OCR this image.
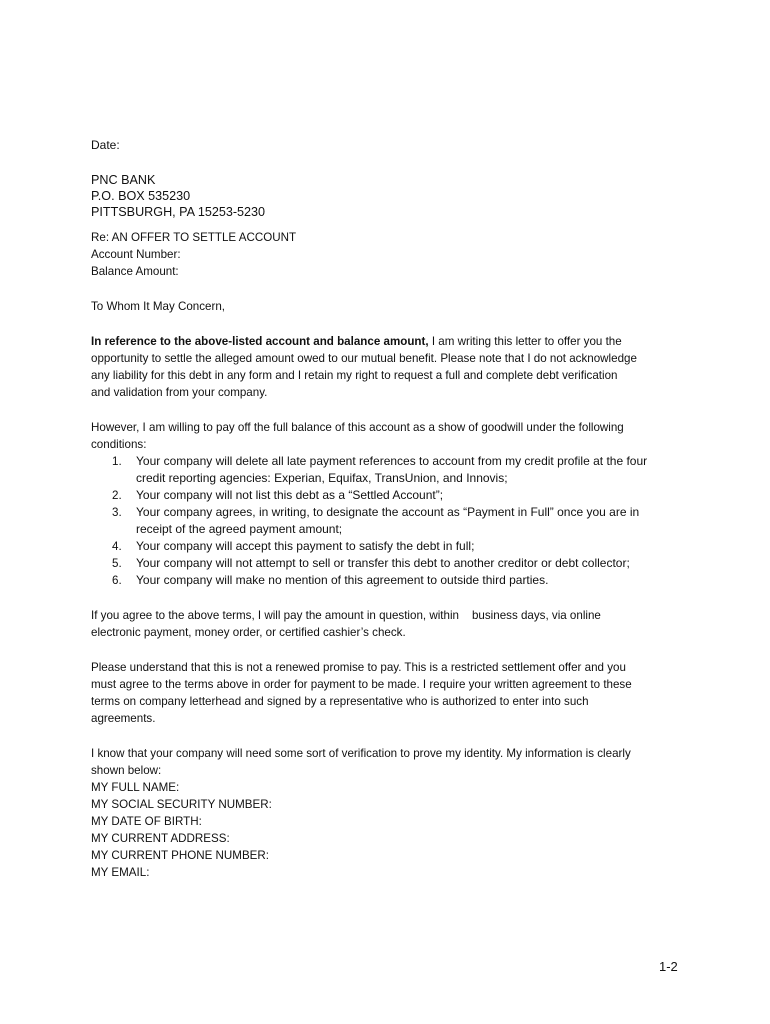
Date:
PNC BANK
P.O. BOX 535230
PITTSBURGH, PA 15253-5230
Re: AN OFFER TO SETTLE ACCOUNT
Account Number:
Balance Amount:
To Whom It May Concern,
In reference to the above-listed account and balance amount, I am writing this letter to offer you the
opportunity to settle the alleged amount owed to our mutual benefit. Please note that I do not acknowledge
any liability for this debt in any form and I retain my right to request a full and complete debt verification
and validation from your company.
However, I am willing to pay off the full balance of this account as a show of goodwill under the following
conditions:
1. Your company will delete all late payment references to account from my credit profile at the four
credit reporting agencies: Experian, Equifax, TransUnion, and Innovis;
2. Your company will not list this debt as a “Settled Account”;
3. Your company agrees, in writing, to designate the account as “Payment in Full” once you are in
receipt of the agreed payment amount;
4. Your company will accept this payment to satisfy the debt in full;
5. Your company will not attempt to sell or transfer this debt to another creditor or debt collector;
6. Your company will make no mention of this agreement to outside third parties.
If you agree to the above terms, I will pay the amount in question, within business days, via online
electronic payment, money order, or certified cashier’s check.
Please understand that this is not a renewed promise to pay. This is a restricted settlement offer and you
must agree to the terms above in order for payment to be made. I require your written agreement to these
terms on company letterhead and signed by a representative who is authorized to enter into such
agreements.
I know that your company will need some sort of verification to prove my identity. My information is clearly
shown below:
MY FULL NAME:
MY SOCIAL SECURITY NUMBER:
MY DATE OF BIRTH:
MY CURRENT ADDRESS:
MY CURRENT PHONE NUMBER:
MY EMAIL:
1-2
